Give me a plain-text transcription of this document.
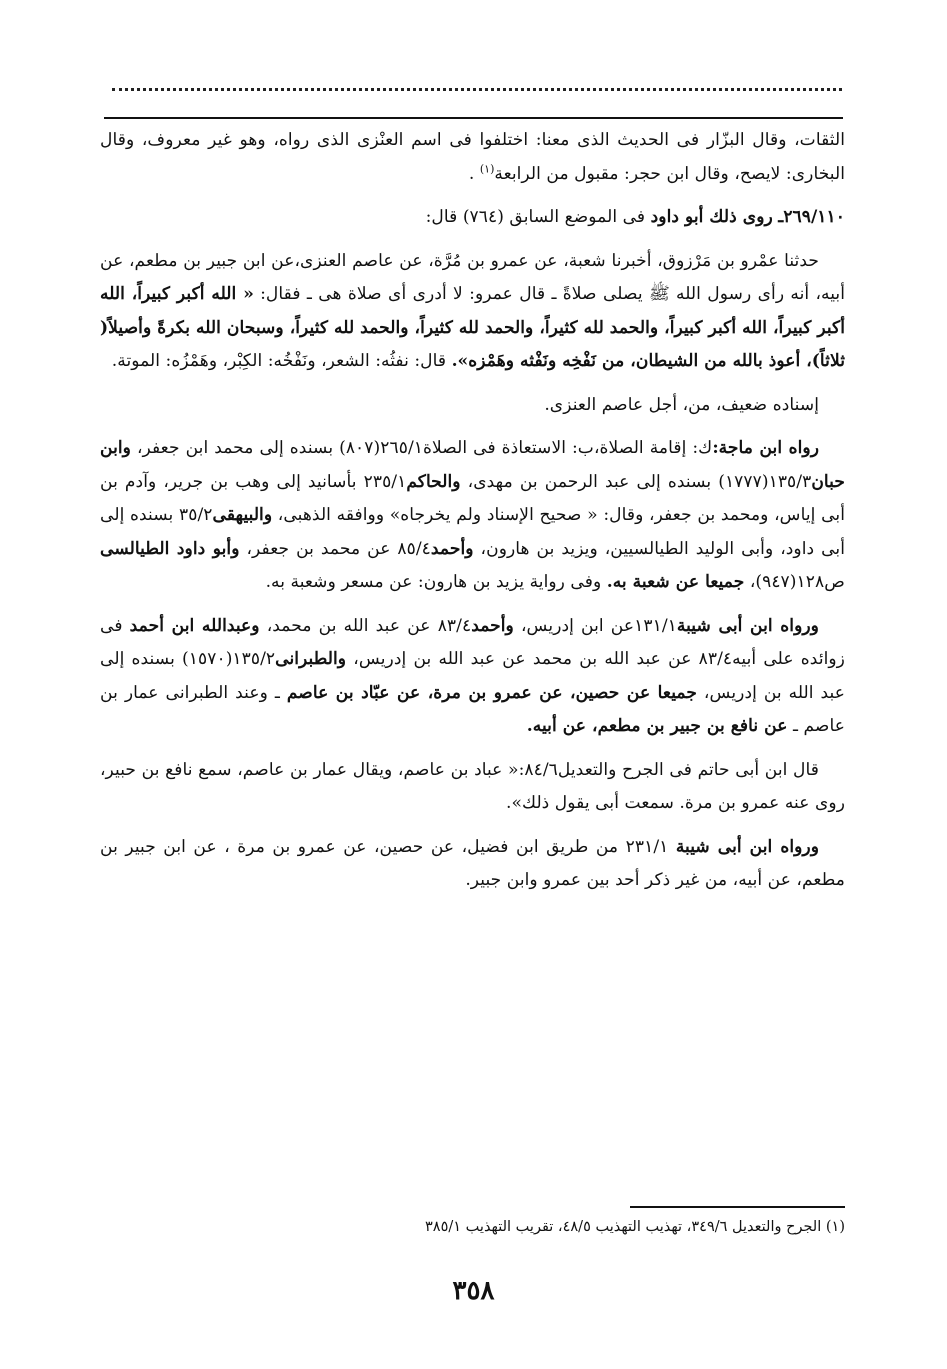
الثقات، وقال البزّار فى الحديث الذى معنا: اختلفوا فى اسم العنْزى الذى رواه، وهو غير معروف، وقال البخارى: لايصح، وقال ابن حجر: مقبول من الرابعة$^{(١)}$ .

٢٦٩/١١٠ـ روى ذلك أبو داود فى الموضع السابق (٧٦٤) قال:

حدثنا عمْرو بن مَرْزوق، أخبرنا شعبة، عن عمرو بن مُرَّة، عن عاصم العنزى،عن ابن جبير بن مطعم، عن أبيه، أنه رأى رسول الله ﷺ يصلى صلاةً ـ قال عمرو: لا أدرى أى صلاة هى ـ فقال: « الله أكبر كبيراً، الله أكبر كبيراً، الله أكبر كبيراً، والحمد لله كثيراً، والحمد لله كثيراً، والحمد لله كثيراً، وسبحان الله بكرةً وأصيلاً( ثلاثاً)، أعوذ بالله من الشيطان، من نَفْخِه ونَفْثه وهَمْزه». قال: نفثُه: الشعر، ونَفْخُه: الكِبْر، وهَمْزُه: الموتة.

إسناده ضعيف، من، أجل عاصم العنزى.

رواه ابن ماجة:ك: إقامة الصلاة،ب: الاستعاذة فى الصلاة٢٦٥/١(٨٠٧) بسنده إلى محمد ابن جعفر، وابن حبان١٣٥/٣(١٧٧٧) بسنده إلى عبد الرحمن بن مهدى، والحاكم٢٣٥/١ بأسانيد إلى وهب بن جرير، وآدم بن أبى إياس، ومحمد بن جعفر، وقال: « صحيح الإسناد ولم يخرجاه» ووافقه الذهبى، والبيهقى٣٥/٢ بسنده إلى أبى داود، وأبى الوليد الطيالسيين، ويزيد بن هارون، وأحمد٨٥/٤ عن محمد بن جعفر، وأبو داود الطيالسى ص١٢٨(٩٤٧)، جميعا عن شعبة به. وفى رواية يزيد بن هارون: عن مسعر وشعبة به.

ورواه ابن أبى شيبة١٣١/١عن ابن إدريس، وأحمد٨٣/٤ عن عبد الله بن محمد، وعبدالله ابن أحمد فى زوائده على أبيه٨٣/٤ عن عبد الله بن محمد عن عبد الله بن إدريس، والطبرانى١٣٥/٢(١٥٧٠) بسنده إلى عبد الله بن إدريس، جميعا عن حصين، عن عمرو بن مرة، عن عبّاد بن عاصم ـ وعند الطبرانى عمار بن عاصم ـ عن نافع بن جبير بن مطعم، عن أبيه.

قال ابن أبى حاتم فى الجرح والتعديل٨٤/٦:« عباد بن عاصم، ويقال عمار بن عاصم، سمع نافع بن حبير، روى عنه عمرو بن مرة. سمعت أبى يقول ذلك».

ورواه ابن أبى شيبة ٢٣١/١ من طريق ابن فضيل، عن حصين، عن عمرو بن مرة ، عن ابن جبير بن مطعم، عن أبيه، من غير ذكر أحد بين عمرو وابن جبير.

(١) الجرح والتعديل ٣٤٩/٦، تهذيب التهذيب ٤٨/٥، تقريب التهذيب ٣٨٥/١
٣٥٨
